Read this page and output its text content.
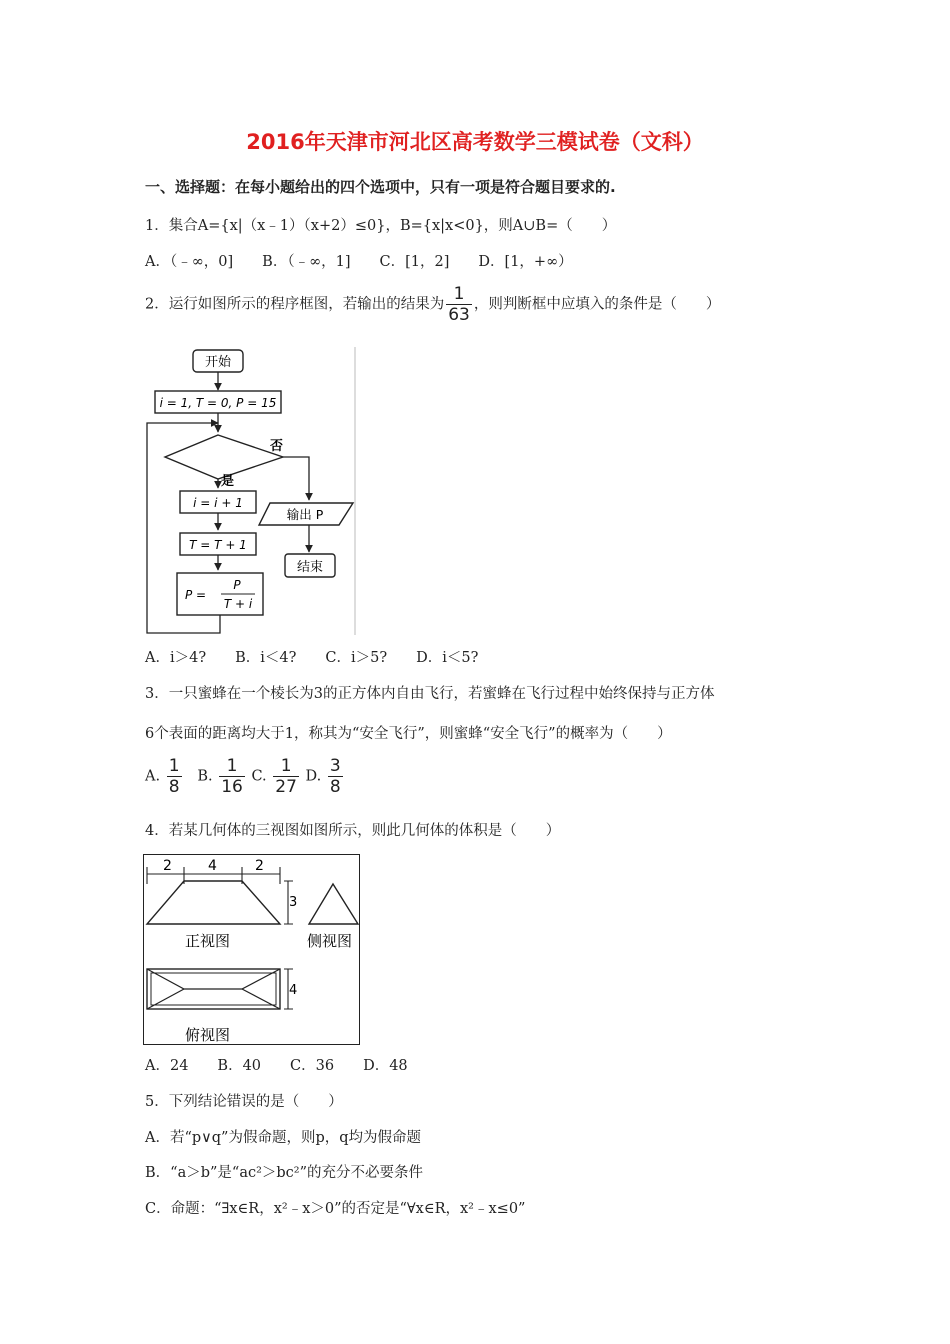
2016年天津市河北区高考数学三模试卷（文科）
一、选择题：在每小题给出的四个选项中，只有一项是符合题目要求的.
1．集合A={x|（x﹣1）（x+2）≤0}，B={x|x<0}，则A∪B=（　　）
A．（﹣∞，0]　　B．（﹣∞，1]　　C．[1，2]　　D．[1，+∞）
2．运行如图所示的程序框图，若输出的结果为 $\frac{1}{63}$ ，则判断框中应填入的条件是（　　）
开始
i = 1, T = 0, P = 15
否
是
输出 P
结束
i = i + 1
T = T + 1
P =
P
T + i
A．i＞4?　　B．i＜4?　　C．i＞5?　　D．i＜5?
3．一只蜜蜂在一个棱长为3的正方体内自由飞行，若蜜蜂在飞行过程中始终保持与正方体
6个表面的距离均大于1，称其为“安全飞行”，则蜜蜂“安全飞行”的概率为（　　）
A. $\frac{1}{8} B$. $\frac{1}{16} C$. $\frac{1}{27} D$. $\frac{3}{8}$
4．若某几何体的三视图如图所示，则此几何体的体积是（　　）
2	4	2
3
正视图	侧视图
4
俯视图
A．24　　B．40　　C．36　　D．48
5．下列结论错误的是（　　）
A．若“p∨q”为假命题，则p，q均为假命题
B．“a＞b”是“ac²＞bc²”的充分不必要条件
C．命题：“∃x∈R，x²﹣x＞0”的否定是“∀x∈R，x²﹣x≤0”
